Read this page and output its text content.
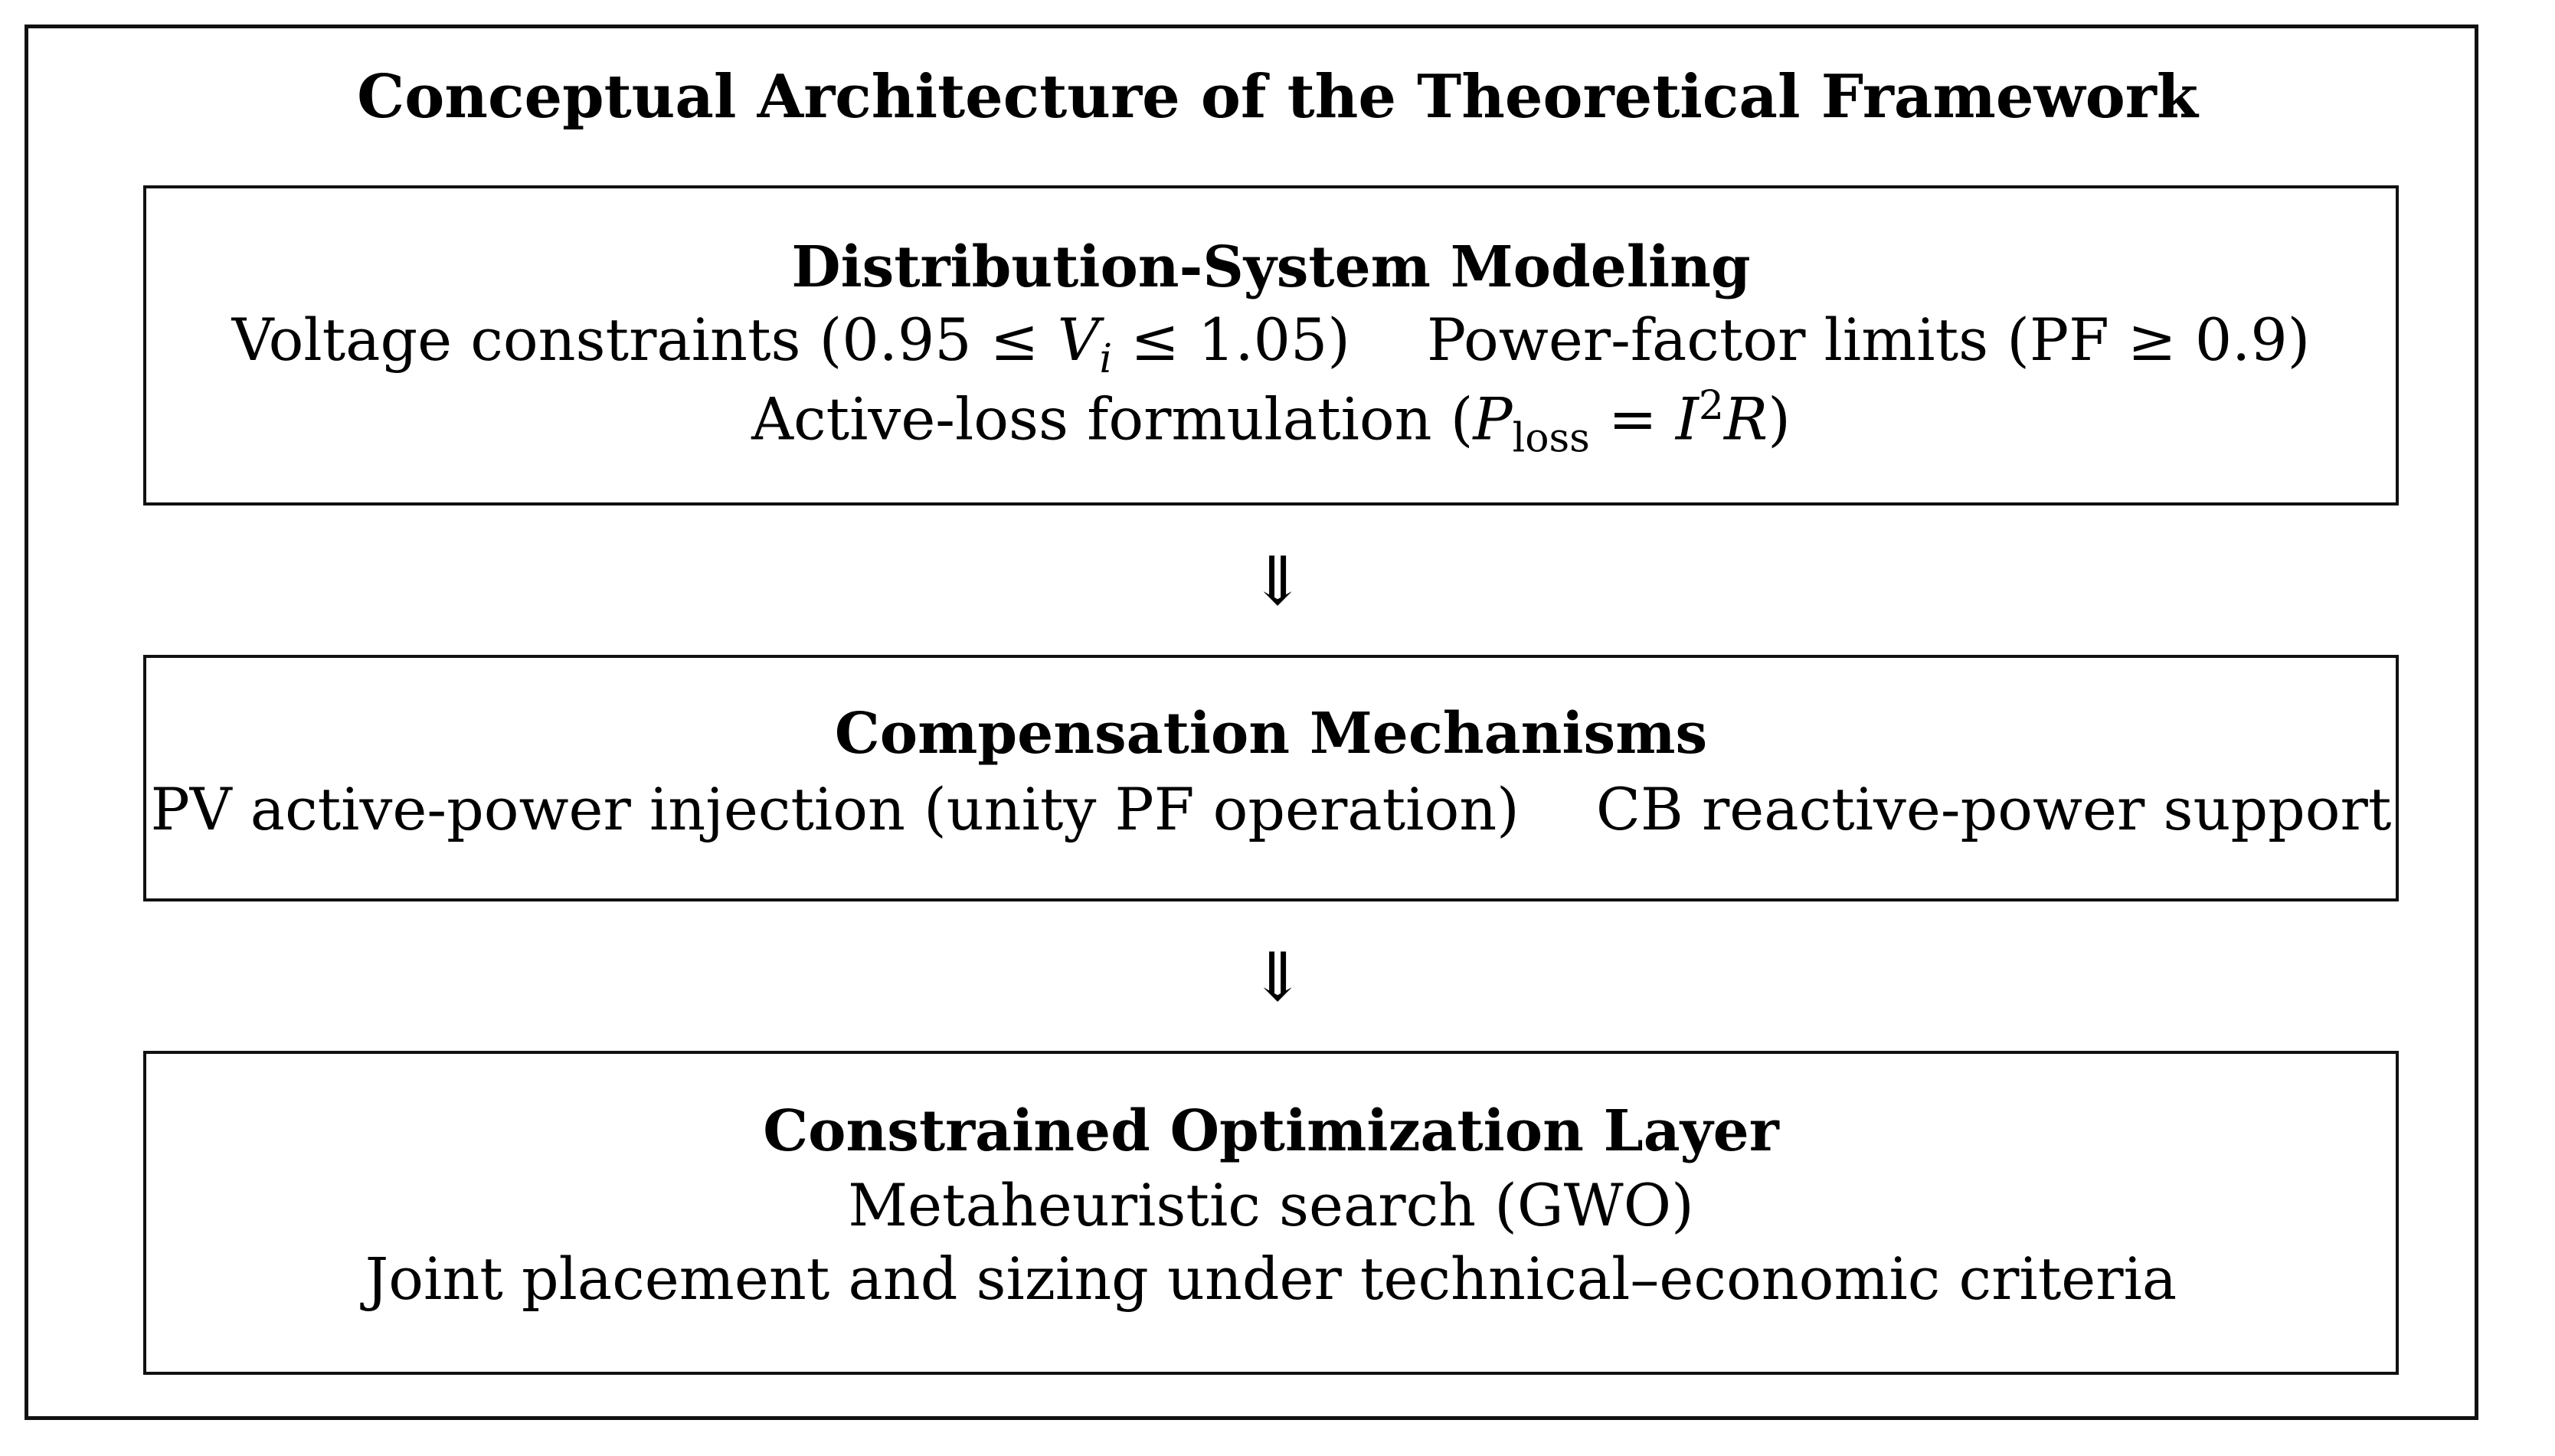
Conceptual Architecture of the Theoretical Framework
Distribution-System Modeling
Voltage constraints $(0.95 \le V_i \le 1.05)$ Power-factor limits (PF ≥ 0.9)
Active-loss formulation $(P_{loss} = I^2R)$
⇓
Compensation Mechanisms
PV active-power injection (unity PF operation) CB reactive-power support
⇓
Constrained Optimization Layer
Metaheuristic search (GWO)
Joint placement and sizing under technical–economic criteria
